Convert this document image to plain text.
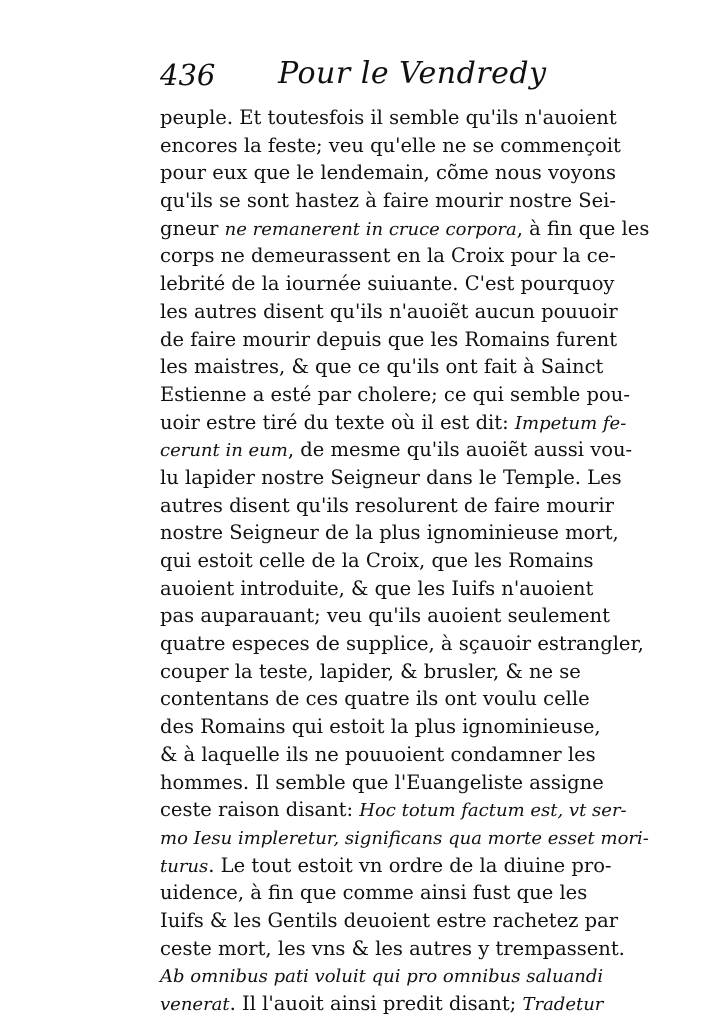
436 Pour le Vendredy
peuple. Et toutesfois il semble qu'ils n'auoient
encores la feste; veu qu'elle ne se commençoit
pour eux que le lendemain, cõme nous voyons
qu'ils se sont hastez à faire mourir nostre Sei-
gneur ne remanerent in cruce corpora, à fin que les
corps ne demeurassent en la Croix pour la ce-
lebrité de la iournée suiuante. C'est pourquoy
les autres disent qu'ils n'auoiẽt aucun pouuoir
de faire mourir depuis que les Romains furent
les maistres, & que ce qu'ils ont fait à Sainct
Estienne a esté par cholere; ce qui semble pou-
uoir estre tiré du texte où il est dit: Impetum fe-
cerunt in eum, de mesme qu'ils auoiẽt aussi vou-
lu lapider nostre Seigneur dans le Temple. Les
autres disent qu'ils resolurent de faire mourir
nostre Seigneur de la plus ignominieuse mort,
qui estoit celle de la Croix, que les Romains
auoient introduite, & que les Iuifs n'auoient
pas auparauant; veu qu'ils auoient seulement
quatre especes de supplice, à sçauoir estrangler,
couper la teste, lapider, & brusler, & ne se
contentans de ces quatre ils ont voulu celle
des Romains qui estoit la plus ignominieuse,
& à laquelle ils ne pouuoient condamner les
hommes. Il semble que l'Euangeliste assigne
ceste raison disant: Hoc totum factum est, vt ser-
mo Iesu impleretur, significans qua morte esset mori-
turus. Le tout estoit vn ordre de la diuine pro-
uidence, à fin que comme ainsi fust que les
Iuifs & les Gentils deuoient estre rachetez par
ceste mort, les vns & les autres y trempassent.
Ab omnibus pati voluit qui pro omnibus saluandi
venerat. Il l'auoit ainsi predit disant; Tradetur
